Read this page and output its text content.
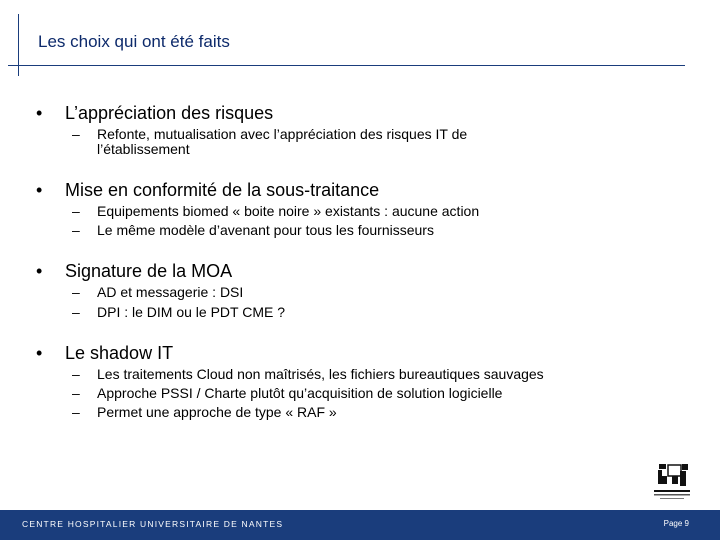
Les choix qui ont été faits
• L’appréciation des risques
– Refonte, mutualisation avec l’appréciation des risques IT de
l’établissement
• Mise en conformité de la sous-traitance
– Equipements biomed « boite noire » existants : aucune action
– Le même modèle d’avenant pour tous les fournisseurs
• Signature de la MOA
– AD et messagerie : DSI
– DPI : le DIM ou le PDT CME ?
• Le shadow IT
– Les traitements Cloud non maîtrisés, les fichiers bureautiques sauvages
– Approche PSSI / Charte plutôt qu’acquisition de solution logicielle
– Permet une approche de type « RAF »
CENTRE HOSPITALIER UNIVERSITAIRE DE NANTES	Page 9
